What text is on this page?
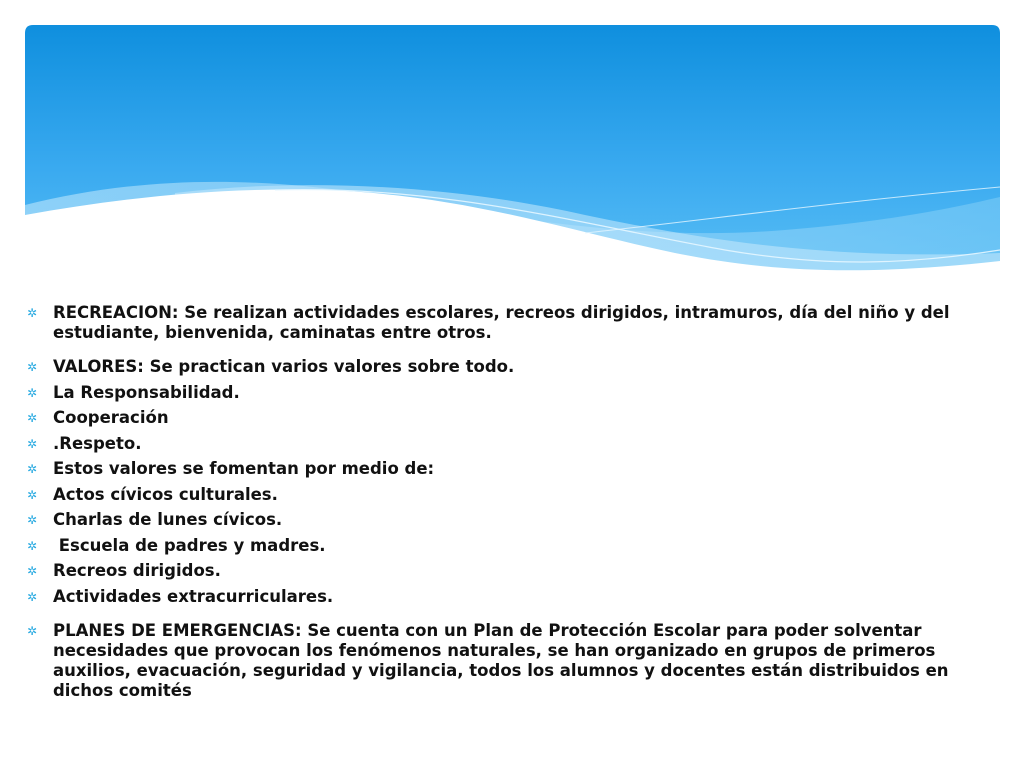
✲ RECREACION: Se realizan actividades escolares, recreos dirigidos, intramuros, día del niño y del estudiante, bienvenida, caminatas entre otros.
✲ VALORES: Se practican varios valores sobre todo.
✲ La Responsabilidad.
✲ Cooperación
✲ .Respeto.
✲ Estos valores se fomentan por medio de:
✲ Actos cívicos culturales.
✲ Charlas de lunes cívicos.
✲ Escuela de padres y madres.
✲ Recreos dirigidos.
✲ Actividades extracurriculares.
✲ PLANES DE EMERGENCIAS: Se cuenta con un Plan de Protección Escolar para poder solventar necesidades que provocan los fenómenos naturales, se han organizado en grupos de primeros auxilios, evacuación, seguridad y vigilancia, todos los alumnos y docentes están distribuidos en dichos comités
